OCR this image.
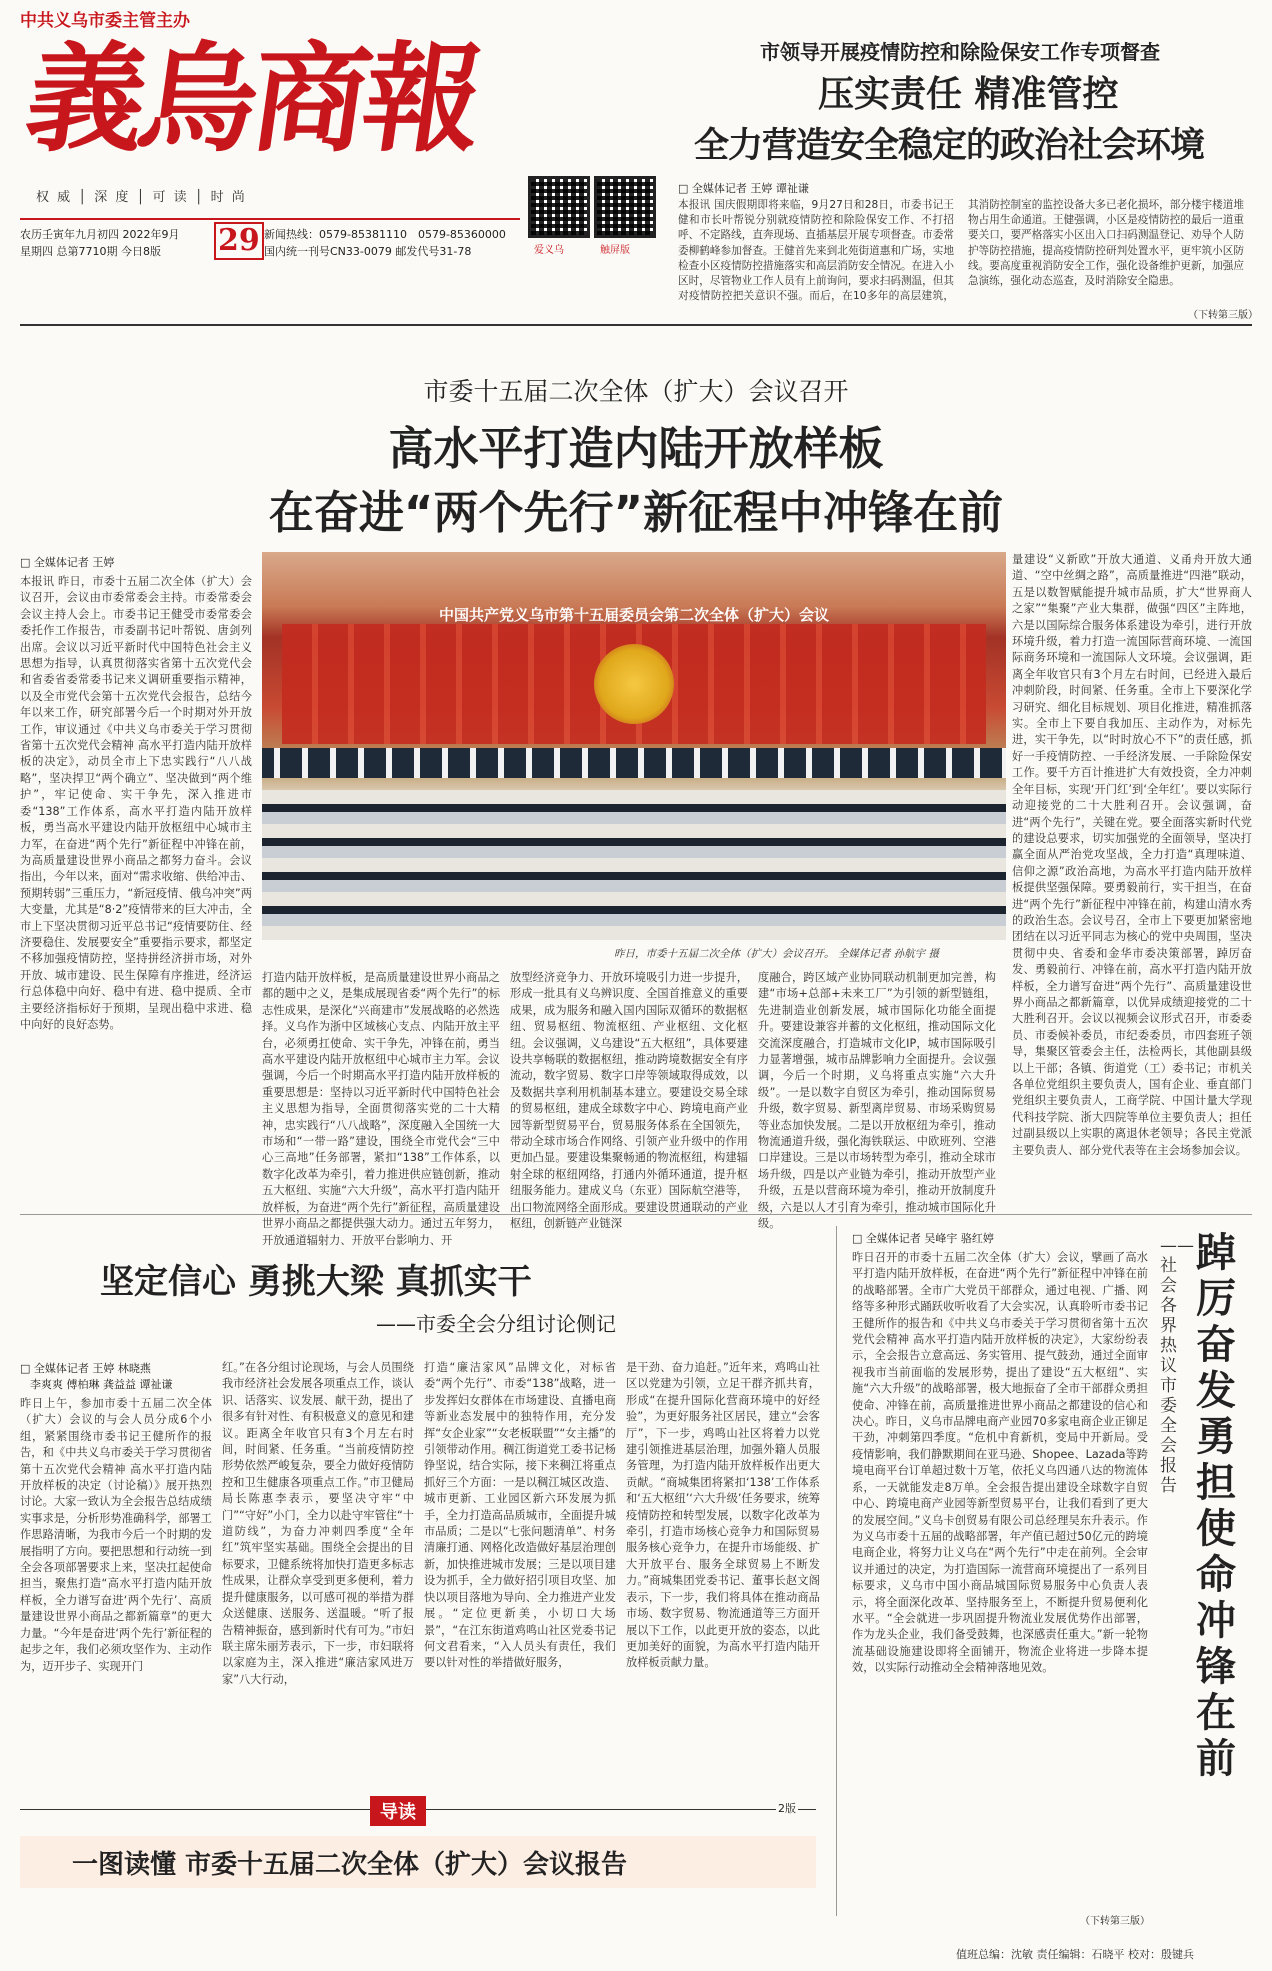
中共义乌市委主管主办
義烏商報
权 威 │ 深 度 │ 可 读 │ 时 尚
农历壬寅年九月初四 2022年9月
星期四 总第7710期 今日8版	29 新闻热线：0579-85381110　0579-85360000
国内统一刊号CN33-0079 邮发代号31-78	爱义乌	触屏版
市领导开展疫情防控和除险保安工作专项督查
压实责任 精准管控
全力营造安全稳定的政治社会环境
□ 全媒体记者 王婷 谭祉谦
本报讯 国庆假期即将来临，9月27日和28日，市委书记王健和市长叶帮锐分别就疫情防控和除险保安工作、不打招呼、不定路线，直奔现场、直插基层开展专项督查。市委常委柳鹤峰参加督查。王健首先来到北苑街道惠和广场，实地检查小区疫情防控措施落实和高层消防安全情况。在进入小区时，尽管物业工作人员有上前询问，要求扫码测温，但其对疫情防控把关意识不强。而后，在10多年的高层建筑，其消防控制室的监控设备大多已老化损坏，部分楼宇楼道堆物占用生命通道。王健强调，小区是疫情防控的最后一道重要关口，要严格落实小区出入口扫码测温登记、劝导个人防护等防控措施，提高疫情防控研判处置水平，更牢筑小区防线。要高度重视消防安全工作，强化设备维护更新，加强应急演练，强化动态巡查，及时消除安全隐患。
（下转第三版）
市委十五届二次全体（扩大）会议召开
高水平打造内陆开放样板
在奋进“两个先行”新征程中冲锋在前
□ 全媒体记者 王婷
中国共产党义乌市第十五届委员会第二次全体（扩大）会议
昨日，市委十五届二次全体（扩大）会议召开。 全媒体记者 孙航宇 摄
本报讯 昨日，市委十五届二次全体（扩大）会议召开，会议由市委常委会主持。市委常委会会议主持人会上。市委书记王健受市委常委会委托作工作报告，市委副书记叶帮锐、唐剑列出席。会议以习近平新时代中国特色社会主义思想为指导，认真贯彻落实省第十五次党代会和省委省委常委书记来义调研重要指示精神，以及全市党代会第十五次党代会报告，总结今年以来工作，研究部署今后一个时期对外开放工作，审议通过《中共义乌市委关于学习贯彻省第十五次党代会精神 高水平打造内陆开放样板的决定》，动员全市上下忠实践行“八八战略”，坚决捍卫“两个确立”、坚决做到“两个维护”，牢记使命、实干争先，深入推进市委“138”工作体系，高水平打造内陆开放样板，勇当高水平建设内陆开放枢纽中心城市主力军，在奋进“两个先行”新征程中冲锋在前，为高质量建设世界小商品之都努力奋斗。会议指出，今年以来，面对“需求收缩、供给冲击、预期转弱”三重压力，“新冠疫情、俄乌冲突”两大变量，尤其是“8·2”疫情带来的巨大冲击，全市上下坚决贯彻习近平总书记“疫情要防住、经济要稳住、发展要安全”重要指示要求，都坚定不移加强疫情防控，坚持拼经济拼市场，对外开放、城市建设、民生保障有序推进，经济运行总体稳中向好、稳中有进、稳中提质、全市主要经济指标好于预期，呈现出稳中求进、稳中向好的良好态势。
打造内陆开放样板，是高质量建设世界小商品之都的题中之义，是集成展现省委“两个先行”的标志性成果，是深化“兴商建市”发展战略的必然选择。义乌作为浙中区域核心支点、内陆开放主平台，必须勇扛使命、实干争先，冲锋在前，勇当高水平建设内陆开放枢纽中心城市主力军。会议强调，今后一个时期高水平打造内陆开放样板的重要思想是：坚持以习近平新时代中国特色社会主义思想为指导，全面贯彻落实党的二十大精神，忠实践行“八八战略”，深度融入全国统一大市场和“一带一路”建设，围绕全市党代会“三中心三高地”任务部署，紧扣“138”工作体系，以数字化改革为牵引，着力推进供应链创新，推动五大枢纽、实施“六大升级”，高水平打造内陆开放样板，为奋进“两个先行”新征程，高质量建设世界小商品之都提供强大动力。通过五年努力，开放通道辐射力、开放平台影响力、开
放型经济竞争力、开放环境吸引力进一步提升，形成一批具有义乌辨识度、全国首推意义的重要成果，成为服务和融入国内国际双循环的数据枢纽、贸易枢纽、物流枢纽、产业枢纽、文化枢纽。会议强调，义乌建设“五大枢纽”，具体要建设共享畅联的数据枢纽，推动跨境数据安全有序流动，数字贸易、数字口岸等领域取得成效，以及数据共享利用机制基本建立。要建设交易全球的贸易枢纽，建成全球数字中心、跨境电商产业园等新型贸易平台，贸易服务体系在全国领先，带动全球市场合作网络、引领产业升级中的作用更加凸显。要建设集聚畅通的物流枢纽，构建辐射全球的枢纽网络，打通内外循环通道，提升枢纽服务能力。建成义乌（东亚）国际航空港等，出口物流网络全面形成。要建设贯通联动的产业枢纽，创新链产业链深
度融合，跨区域产业协同联动机制更加完善，构建“市场+总部+未来工厂”为引领的新型链组，先进制造业创新发展，城市国际化功能全面提升。要建设兼容并蓄的文化枢纽，推动国际文化交流深度融合，打造城市文化IP，城市国际吸引力显著增强，城市品牌影响力全面提升。会议强调，今后一个时期，义乌将重点实施“六大升级”。一是以数字自贸区为牵引，推动国际贸易升级，数字贸易、新型离岸贸易、市场采购贸易等业态加快发展。二是以开放枢纽为牵引，推动物流通道升级，强化海铁联运、中欧班列、空港口岸建设。三是以市场转型为牵引，推动全球市场升级，四是以产业链为牵引，推动开放型产业升级，五是以营商环境为牵引，推动开放制度升级，六是以人才引育为牵引，推动城市国际化升级。
量建设“义新欧”开放大通道、义甬舟开放大通道、“空中丝绸之路”，高质量推进“四港”联动，五是以数智赋能提升城市品质，扩大“世界商人之家”“集聚”产业大集群，做强“四区”主阵地，六是以国际综合服务体系建设为牵引，进行开放环境升级，着力打造一流国际营商环境、一流国际商务环境和一流国际人文环境。会议强调，距离全年收官只有3个月左右时间，已经进入最后冲刺阶段，时间紧、任务重。全市上下要深化学习研究、细化目标规划、项目化推进，精准抓落实。全市上下要自我加压、主动作为，对标先进，实干争先，以“时时放心不下”的责任感，抓好一手疫情防控、一手经济发展、一手除险保安工作。要千方百计推进扩大有效投资，全力冲刺全年目标，实现‘开门红’到‘全年红’。要以实际行动迎接党的二十大胜利召开。会议强调，奋进“两个先行”，关键在党。要全面落实新时代党的建设总要求，切实加强党的全面领导，坚决打赢全面从严治党攻坚战，全力打造“真理味道、信仰之源”政治高地，为高水平打造内陆开放样板提供坚强保障。要勇毅前行，实干担当，在奋进“两个先行”新征程中冲锋在前，构建山清水秀的政治生态。会议号召，全市上下要更加紧密地团结在以习近平同志为核心的党中央周围，坚决贯彻中央、省委和金华市委决策部署，踔厉奋发、勇毅前行、冲锋在前，高水平打造内陆开放样板，全力谱写奋进“两个先行”、高质量建设世界小商品之都新篇章，以优异成绩迎接党的二十大胜利召开。会议以视频会议形式召开，市委委员、市委候补委员，市纪委委员，市四套班子领导，集聚区管委会主任，法检两长，其他副县级以上干部；各镇、街道党（工）委书记；市机关各单位党组织主要负责人，国有企业、垂直部门党组织主要负责人，工商学院、中国计量大学现代科技学院、浙大四院等单位主要负责人；担任过副县级以上实职的离退休老领导；各民主党派主要负责人、部分党代表等在主会场参加会议。
坚定信心 勇挑大梁 真抓实干
——市委全会分组讨论侧记
□ 全媒体记者 王婷 林晓燕
李爽爽 傅柏琳 龚益益 谭祉谦
昨日上午，参加市委十五届二次全体（扩大）会议的与会人员分成6个小组，紧紧围绕市委书记王健所作的报告，和《中共义乌市委关于学习贯彻省第十五次党代会精神 高水平打造内陆开放样板的决定（讨论稿）》展开热烈讨论。大家一致认为全会报告总结成绩实事求是，分析形势准确科学，部署工作思路清晰，为我市今后一个时期的发展指明了方向。要把思想和行动统一到全会各项部署要求上来，坚决扛起使命担当，聚焦打造“高水平打造内陆开放样板，全力谱写奋进‘两个先行’、高质量建设世界小商品之都新篇章”的更大力量。“今年是奋进‘两个先行’新征程的起步之年，我们必须攻坚作为、主动作为，迈开步子、实现开门
红。”在各分组讨论现场，与会人员围绕我市经济社会发展各项重点工作，谈认识、话落实、议发展、献干劲，提出了很多有针对性、有积极意义的意见和建议。距离全年收官只有3个月左右时间，时间紧、任务重。“当前疫情防控形势依然严峻复杂，要全力做好疫情防控和卫生健康各项重点工作。”市卫健局局长陈惠李表示，要坚决守牢“中门”“守好”小门，全力以赴守牢管住“十道防线”，为奋力冲刺四季度“全年红”筑牢坚实基础。围绕全会提出的目标要求，卫健系统将加快打造更多标志性成果，让群众享受到更多便利，着力提升健康服务，以可感可视的举措为群众送健康、送服务、送温暖。“听了报告精神振奋，感到新时代有可为。”市妇联主席朱丽芳表示，下一步，市妇联将以家庭为主，深入推进“廉洁家风进万家”八大行动，
打造“廉洁家风”品牌文化，对标省委“两个先行”、市委“138”战略，进一步发挥妇女群体在市场建设、直播电商等新业态发展中的独特作用，充分发挥“女企业家”“女老板联盟”“女主播”的引领带动作用。稠江街道党工委书记杨铮坚说，结合实际，接下来稠江将重点抓好三个方面：一是以稠江城区改造、城市更新、工业园区新六环发展为抓手，全力打造高品质城市，全面提升城市品质；二是以“七张问题清单”、村务清廉打通、网格化改造做好基层治理创新，加快推进城市发展；三是以项目建设为抓手，全力做好招引项目攻坚、加快以项目落地为导向、全力推进产业发展。“定位更新美，小切口大场景”，“在江东街道鸡鸣山社区党委书记何文君看来，“入人员头有责任，我们要以针对性的举措做好服务，
是干劲、奋力追赶。”近年来，鸡鸣山社区以党建为引领，立足干群齐抓共育，形成“在提升国际化营商环境中的好经验”，为更好服务社区居民，建立“会客厅”，下一步，鸡鸣山社区将着力以党建引领推进基层治理，加强外籍人员服务管理，为打造内陆开放样板作出更大贡献。“商城集团将紧扣‘138’工作体系和‘五大枢纽’‘六大升级’任务要求，统筹疫情防控和转型发展，以数字化改革为牵引，打造市场核心竞争力和国际贸易服务核心竞争力，在提升市场能级、扩大开放平台、服务全球贸易上不断发力。”商城集团党委书记、董事长赵文阁表示，下一步，我们将具体在推动商品市场、数字贸易、物流通道等三方面开展以下工作，以此更开放的姿态，以此更加美好的面貌，为高水平打造内陆开放样板贡献力量。
□ 全媒体记者 吴峰宇 骆红婷
昨日召开的市委十五届二次全体（扩大）会议，擘画了高水平打造内陆开放样板，在奋进“两个先行”新征程中冲锋在前的战略部署。全市广大党员干部群众，通过电视、广播、网络等多种形式踊跃收听收看了大会实况，认真聆听市委书记王健所作的报告和《中共义乌市委关于学习贯彻省第十五次党代会精神 高水平打造内陆开放样板的决定》，大家纷纷表示，全会报告立意高远、务实管用、提气鼓劲，通过全面审视我市当前面临的发展形势，提出了建设“五大枢纽”、实施“六大升级”的战略部署，极大地振奋了全市干部群众勇担使命、冲锋在前，高质量推进世界小商品之都建设的信心和决心。昨日，义乌市品牌电商产业园70多家电商企业正铆足干劲，冲刺第四季度。“危机中育新机，变局中开新局。受疫情影响，我们静默期间在亚马逊、Shopee、Lazada等跨境电商平台订单超过数十万笔，依托义乌四通八达的物流体系，一天就能发走8万单。全会报告提出建设全球数字自贸中心、跨境电商产业园等新型贸易平台，让我们看到了更大的发展空间。”义乌卡创贸易有限公司总经理吴东升表示。作为义乌市委十五届的战略部署，年产值已超过50亿元的跨境电商企业，将努力让义乌在“两个先行”中走在前列。全会审议并通过的决定，为打造国际一流营商环境提出了一系列目标要求，义乌市中国小商品城国际贸易服务中心负责人表示，将全面深化改革、坚持服务至上，不断提升贸易便利化水平。“全会就进一步巩固提升物流业发展优势作出部署，作为龙头企业，我们备受鼓舞，也深感责任重大。”新一轮物流基础设施建设即将全面铺开，物流企业将进一步降本提效，以实际行动推动全会精神落地见效。
（下转第三版）
踔厉奋发 勇担使命 冲锋在前
——社会各界热议市委全会报告
导读	2版
一图读懂 市委十五届二次全体（扩大）会议报告
值班总编：沈敏 责任编辑：石晓平 校对：殷键兵
